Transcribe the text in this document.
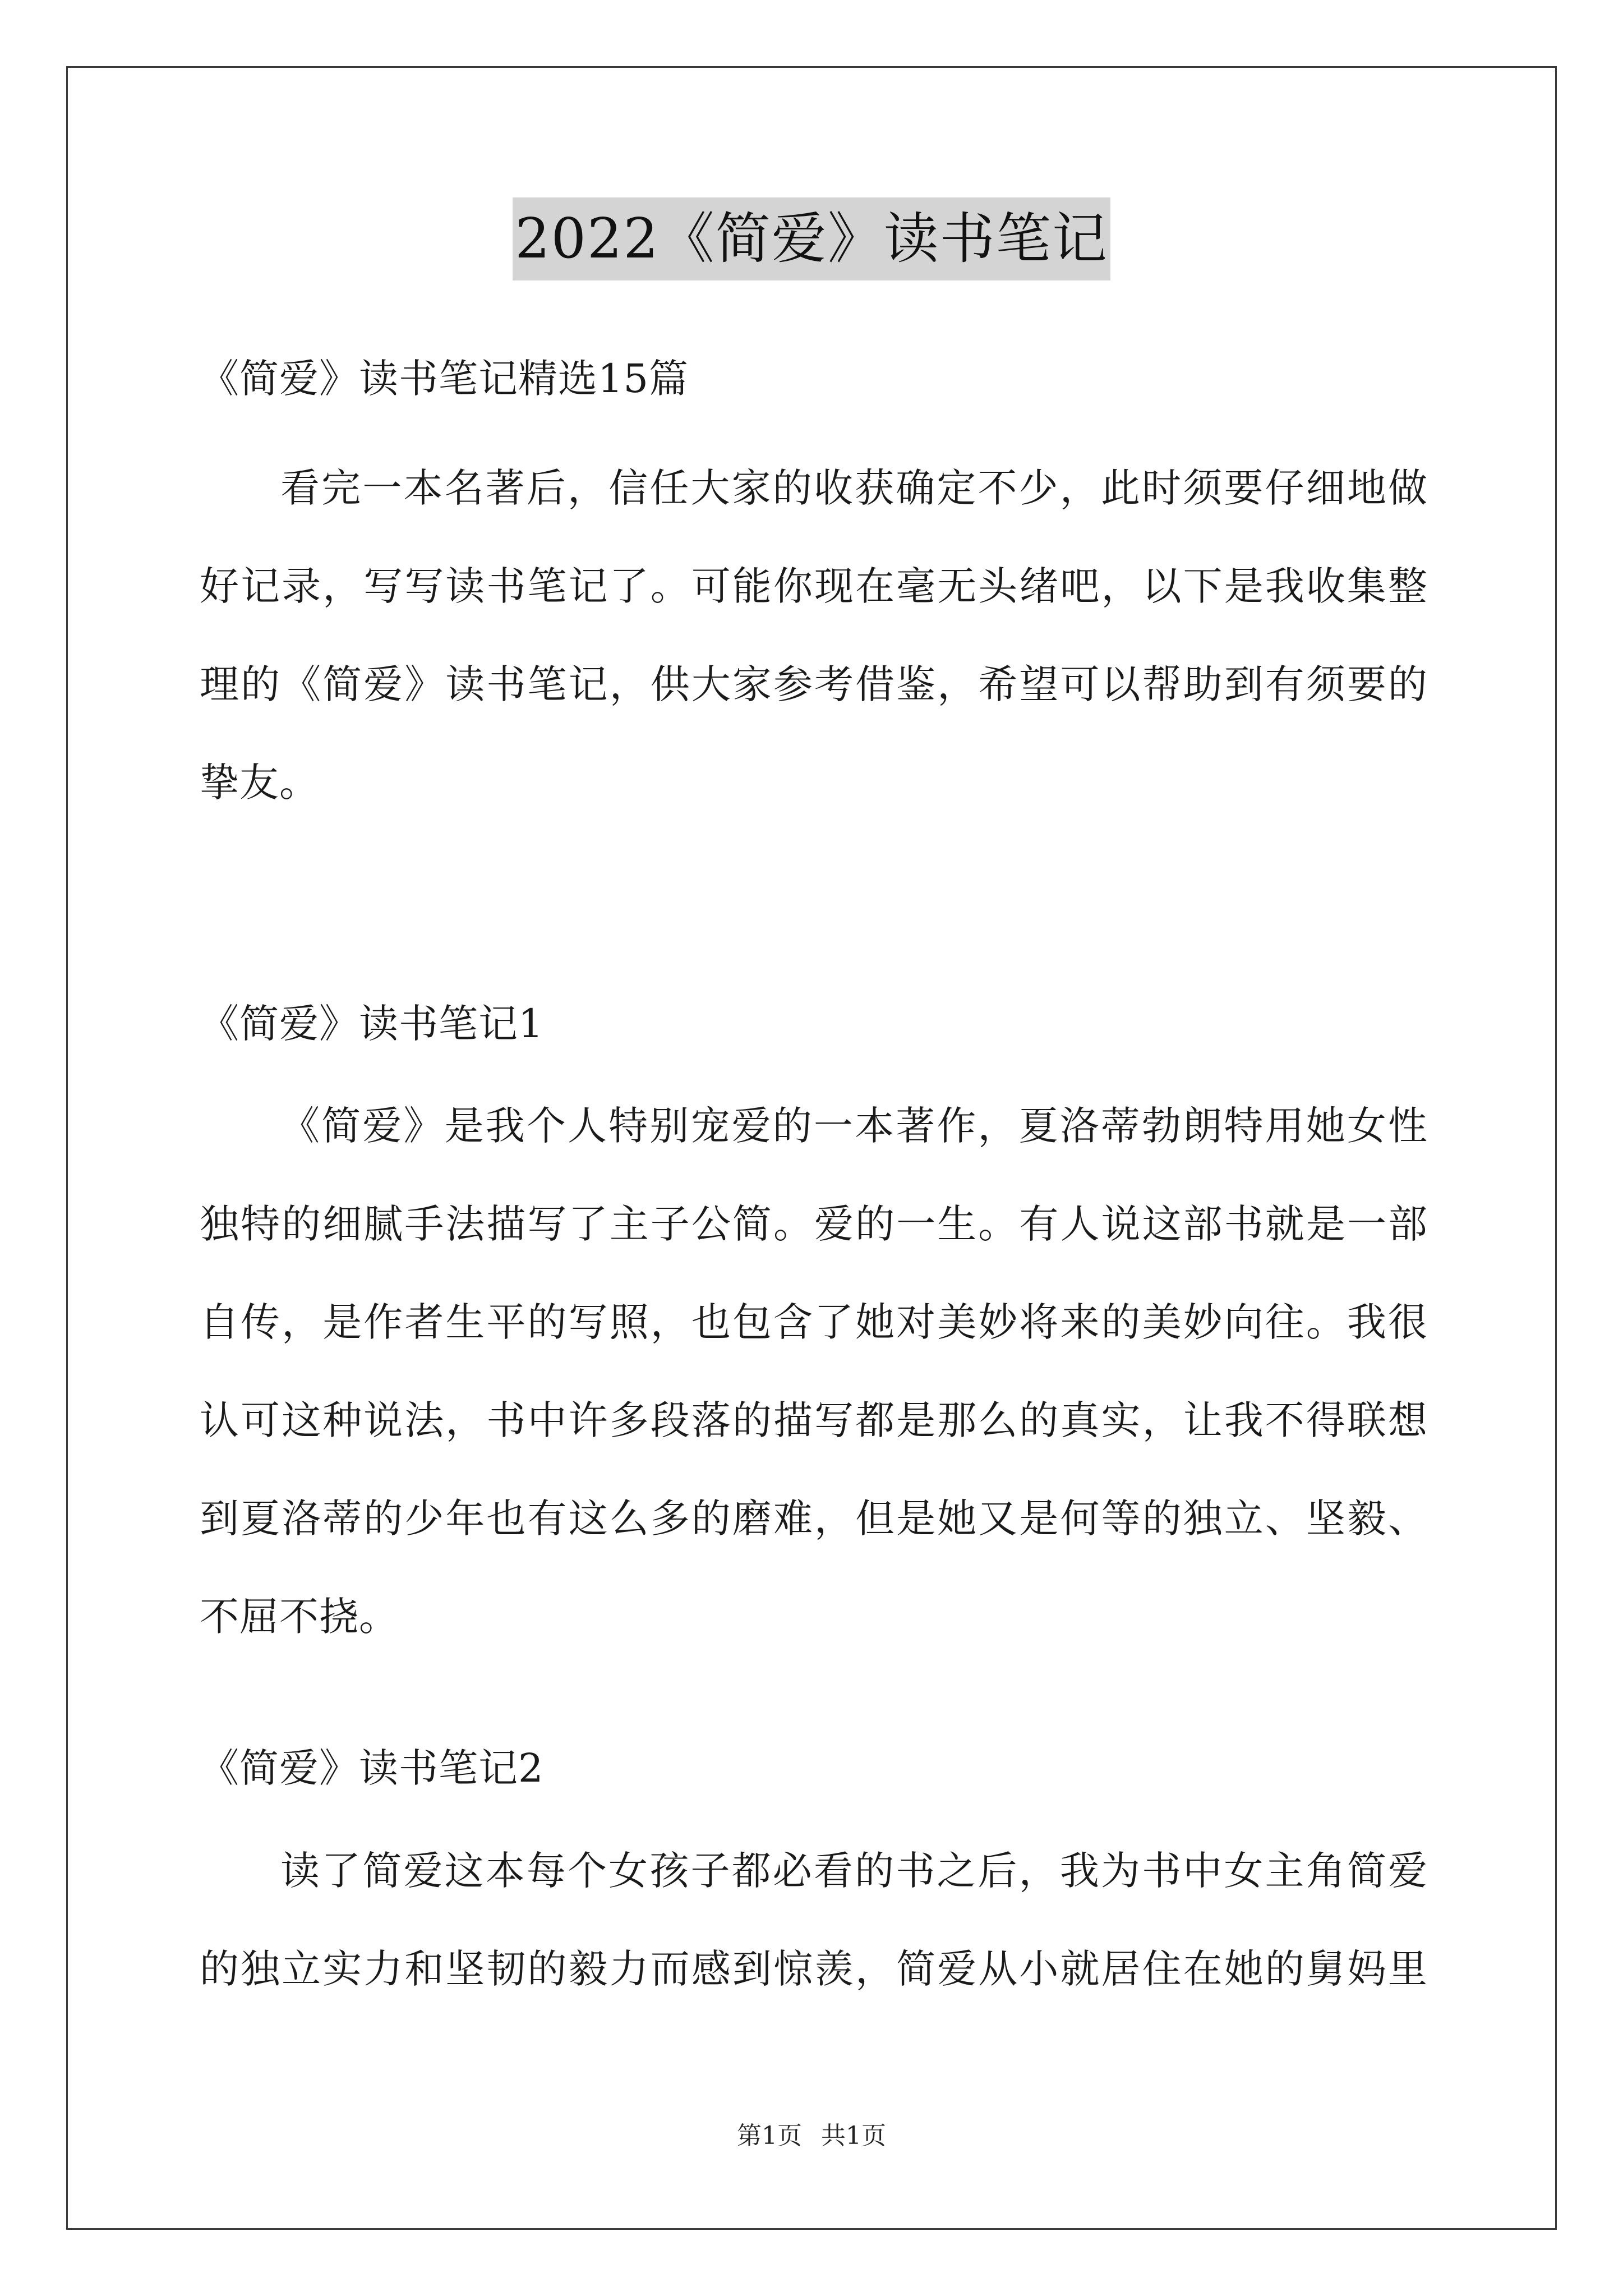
2022《简爱》读书笔记
《简爱》读书笔记精选15篇
看完一本名著后，信任大家的收获确定不少，此时须要仔细地做
好记录，写写读书笔记了。可能你现在毫无头绪吧，以下是我收集整
理的《简爱》读书笔记，供大家参考借鉴，希望可以帮助到有须要的
挚友。
《简爱》读书笔记1
《简爱》是我个人特别宠爱的一本著作，夏洛蒂勃朗特用她女性
独特的细腻手法描写了主子公简。爱的一生。有人说这部书就是一部
自传，是作者生平的写照，也包含了她对美妙将来的美妙向往。我很
认可这种说法，书中许多段落的描写都是那么的真实，让我不得联想
到夏洛蒂的少年也有这么多的磨难，但是她又是何等的独立、坚毅、
不屈不挠。
《简爱》读书笔记2
读了简爱这本每个女孩子都必看的书之后，我为书中女主角简爱
的独立实力和坚韧的毅力而感到惊羡，简爱从小就居住在她的舅妈里
第1页 共1页
